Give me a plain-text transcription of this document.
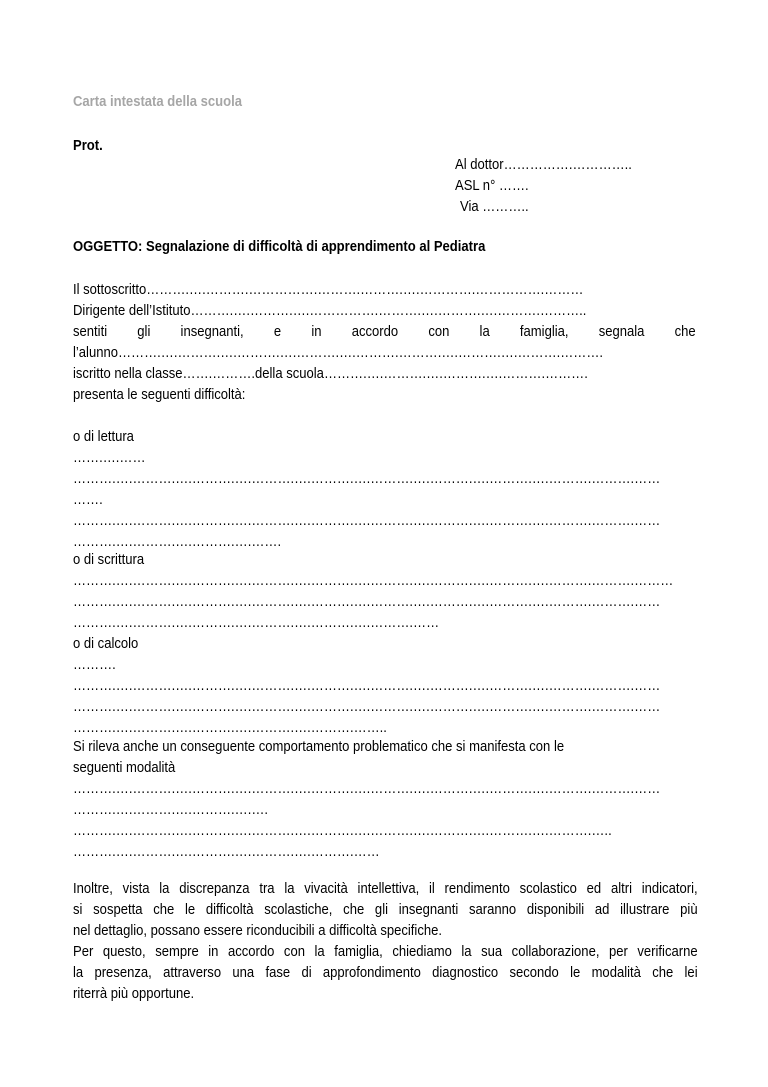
Carta intestata della scuola
Prot.
Al dottor…………….…………..
ASL n° …….
Via ………..
OGGETTO: Segnalazione di difficoltà di apprendimento al Pediatra
Il sottoscritto……….….……….…………….……….……….….………….…………….………
Dirigente dell’Istituto……….….……….….…………….……….….……….….……….………..
sentiti gli insegnanti, e in accordo con la famiglia, segnala che
l’alunno……….….……….….……….….……….….……….……….….……….….……….……….
iscritto nella classe…….……….della scuola……….….……….….……….….……….……….
presenta le seguenti difficoltà:
o di lettura
…….….……
……….….……….….……….….……….….……….….……….….……….….……….….……….……….……
…….
……….….……….….……….….……….….……….….……….….……….….……….….……….……….……
……….….……….….……….….…….
o di scrittura
……….….……….….……….….……….….……….….……….….……….….……….….……….……….………
……….….……….….……….….……….….……….….……….….……….….……….….……….……….……
……….….……….….……….….……….….……….….……….……
o di calcolo
……….
……….….……….….……….….……….….……….….……….….……….….……….….……….……….……
……….….……….….……….….……….….……….….……….….……….….……….….……….……….……
……….….……….….……….….……….….……….……..
Si rileva anche un conseguente comportamento problematico che si manifesta con le
seguenti modalità
……….….……….….……….….……….….……….….……….….……….….……….….……….……….……
……….….……….….……….….….
……….….……….….……….….……….….……….….……….….……….….……….….……….…..
……….….……….….……….….……….….……….……
Inoltre, vista la discrepanza tra la vivacità intellettiva, il rendimento scolastico ed altri indicatori,
si sospetta che le difficoltà scolastiche, che gli insegnanti saranno disponibili ad illustrare più
nel dettaglio, possano essere riconducibili a difficoltà specifiche.
Per questo, sempre in accordo con la famiglia, chiediamo la sua collaborazione, per verificarne
la presenza, attraverso una fase di approfondimento diagnostico secondo le modalità che lei
riterrà più opportune.
